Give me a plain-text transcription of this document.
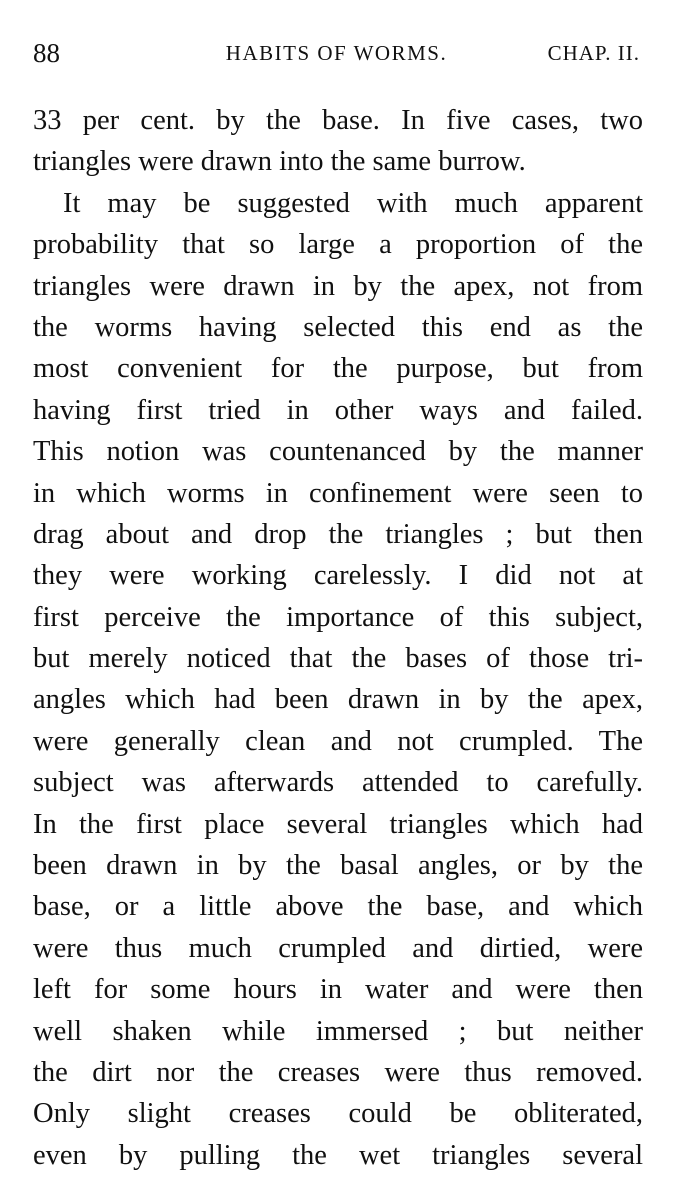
88	HABITS OF WORMS.	CHAP. II.
33 per cent. by the base. In five cases, two
triangles were drawn into the same burrow.
It may be suggested with much apparent
probability that so large a proportion of the
triangles were drawn in by the apex, not from
the worms having selected this end as the
most convenient for the purpose, but from
having first tried in other ways and failed.
This notion was countenanced by the manner
in which worms in confinement were seen to
drag about and drop the triangles ; but then
they were working carelessly. I did not at
first perceive the importance of this subject,
but merely noticed that the bases of those tri-
angles which had been drawn in by the apex,
were generally clean and not crumpled. The
subject was afterwards attended to carefully.
In the first place several triangles which had
been drawn in by the basal angles, or by the
base, or a little above the base, and which
were thus much crumpled and dirtied, were
left for some hours in water and were then
well shaken while immersed ; but neither
the dirt nor the creases were thus removed.
Only slight creases could be obliterated,
even by pulling the wet triangles several
